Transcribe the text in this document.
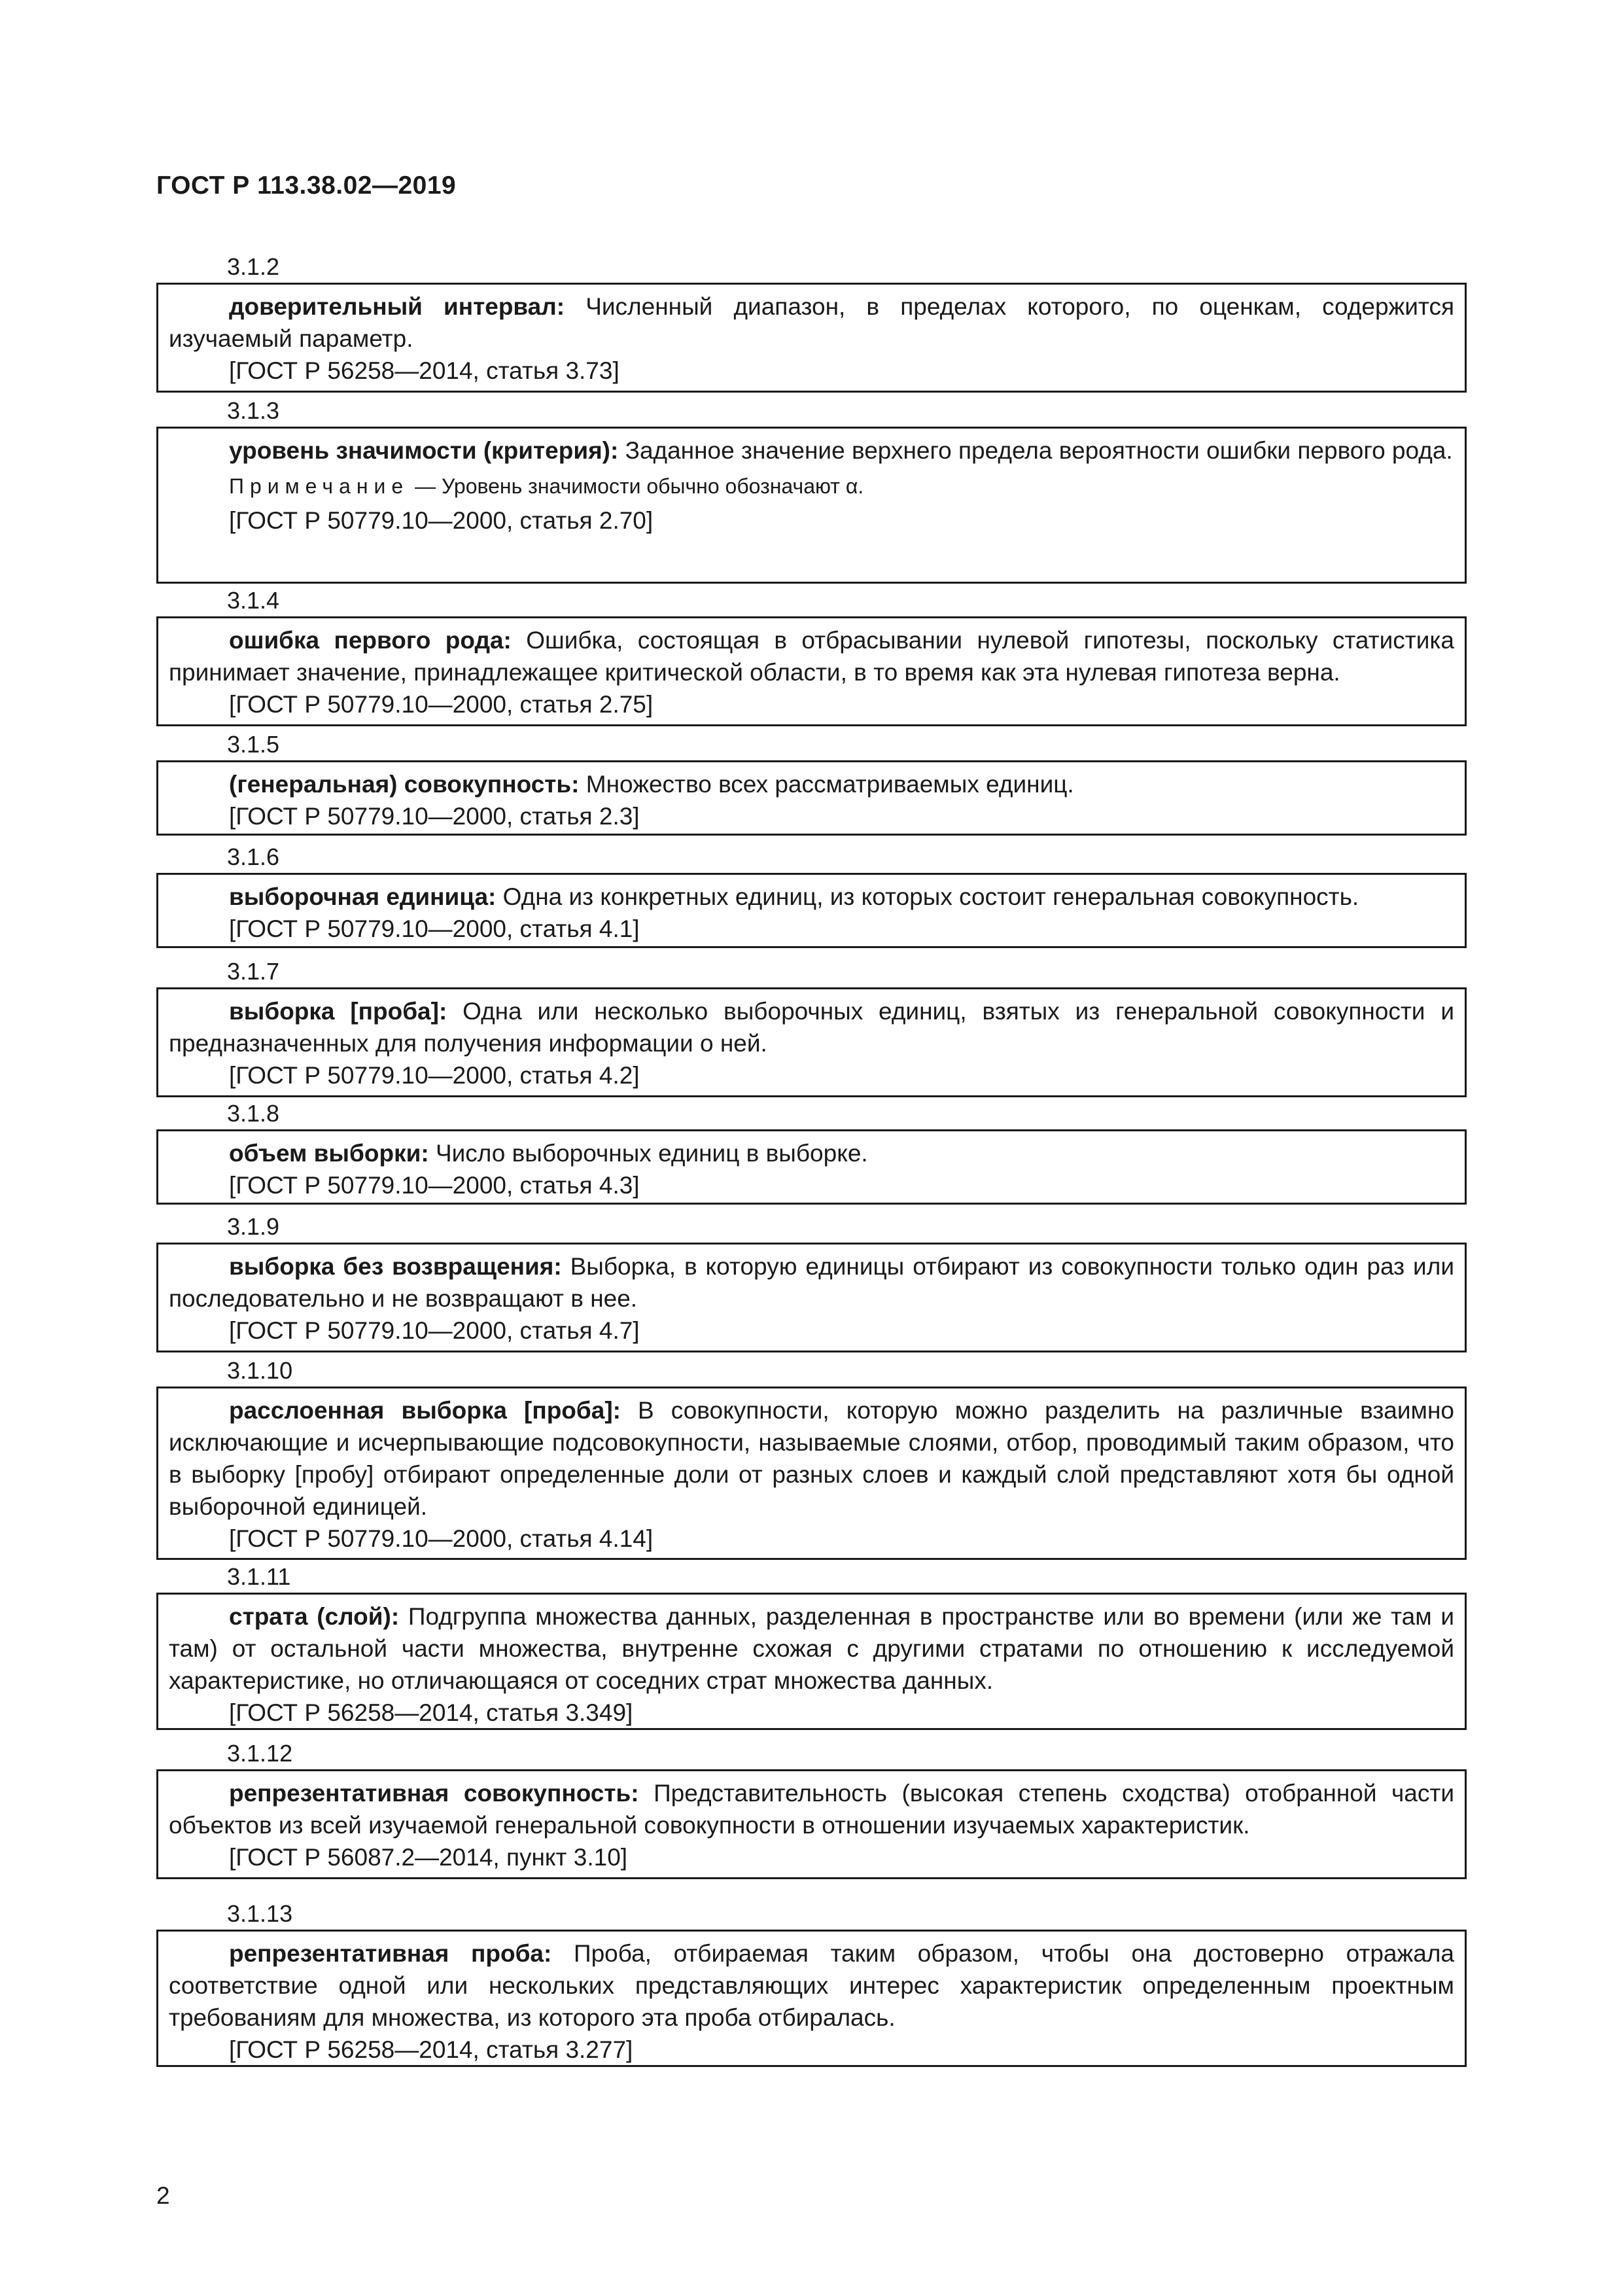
ГОСТ Р 113.38.02—2019
3.1.2

доверительный интервал: Численный диапазон, в пределах которого, по оценкам, содержится изучаемый параметр.

[ГОСТ Р 56258—2014, статья 3.73]

3.1.3

уровень значимости (критерия): Заданное значение верхнего предела вероятности ошибки первого рода.

Примечание — Уровень значимости обычно обозначают α.

[ГОСТ Р 50779.10—2000, статья 2.70]

3.1.4

ошибка первого рода: Ошибка, состоящая в отбрасывании нулевой гипотезы, поскольку статистика принимает значение, принадлежащее критической области, в то время как эта нулевая гипотеза верна.

[ГОСТ Р 50779.10—2000, статья 2.75]

3.1.5

(генеральная) совокупность: Множество всех рассматриваемых единиц.

[ГОСТ Р 50779.10—2000, статья 2.3]

3.1.6

выборочная единица: Одна из конкретных единиц, из которых состоит генеральная совокупность.

[ГОСТ Р 50779.10—2000, статья 4.1]

3.1.7

выборка [проба]: Одна или несколько выборочных единиц, взятых из генеральной совокупности и предназначенных для получения информации о ней.

[ГОСТ Р 50779.10—2000, статья 4.2]

3.1.8

объем выборки: Число выборочных единиц в выборке.

[ГОСТ Р 50779.10—2000, статья 4.3]

3.1.9

выборка без возвращения: Выборка, в которую единицы отбирают из совокупности только один раз или последовательно и не возвращают в нее.

[ГОСТ Р 50779.10—2000, статья 4.7]

3.1.10

расслоенная выборка [проба]: В совокупности, которую можно разделить на различные взаимно исключающие и исчерпывающие подсовокупности, называемые слоями, отбор, проводимый таким образом, что в выборку [пробу] отбирают определенные доли от разных слоев и каждый слой представляют хотя бы одной выборочной единицей.

[ГОСТ Р 50779.10—2000, статья 4.14]

3.1.11

страта (слой): Подгруппа множества данных, разделенная в пространстве или во времени (или же там и там) от остальной части множества, внутренне схожая с другими стратами по отношению к исследуемой характеристике, но отличающаяся от соседних страт множества данных.

[ГОСТ Р 56258—2014, статья 3.349]

3.1.12

репрезентативная совокупность: Представительность (высокая степень сходства) отобранной части объектов из всей изучаемой генеральной совокупности в отношении изучаемых характеристик.

[ГОСТ Р 56087.2—2014, пункт 3.10]

3.1.13

репрезентативная проба: Проба, отбираемая таким образом, чтобы она достоверно отражала соответствие одной или нескольких представляющих интерес характеристик определенным проектным требованиям для множества, из которого эта проба отбиралась.

[ГОСТ Р 56258—2014, статья 3.277]

2
